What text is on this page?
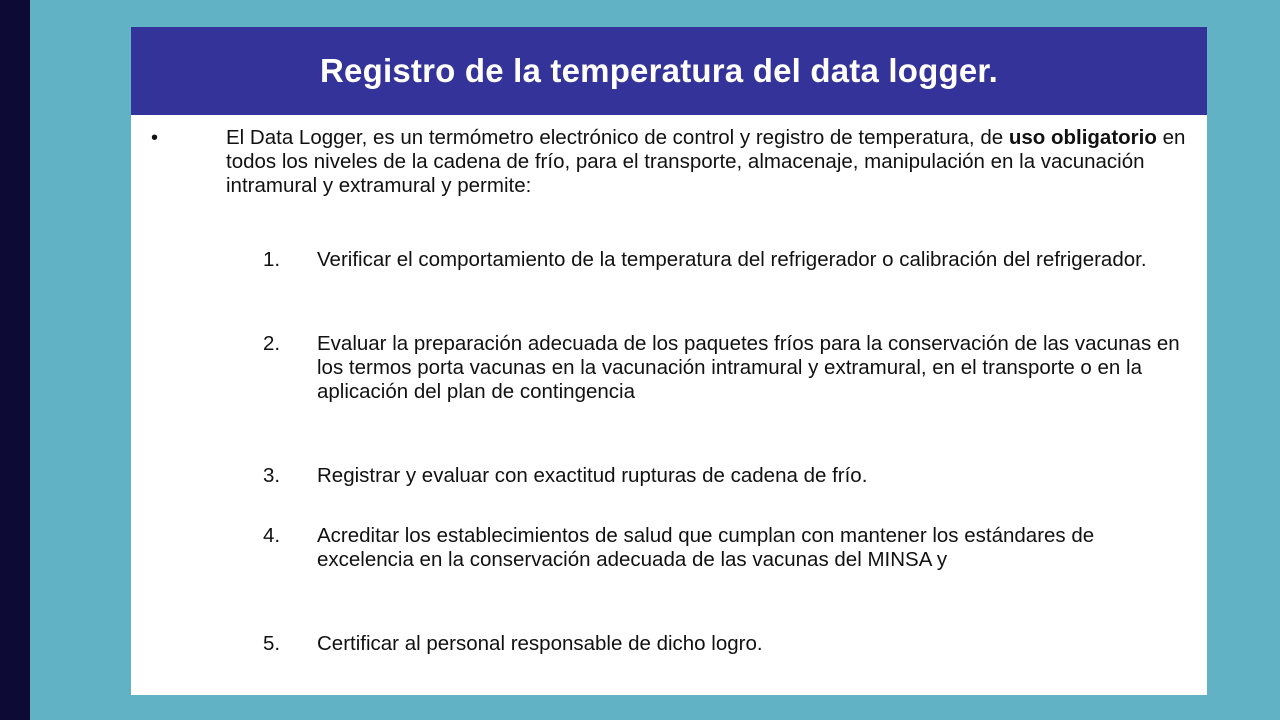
Registro de la temperatura del data logger.
•	El Data Logger, es un termómetro electrónico de control y registro de temperatura, de uso obligatorio en todos los niveles de la cadena de frío, para el transporte, almacenaje, manipulación en la vacunación intramural y extramural y permite:
1. Verificar el comportamiento de la temperatura del refrigerador o calibración del refrigerador.
2. Evaluar la preparación adecuada de los paquetes fríos para la conservación de las vacunas en los termos porta vacunas en la vacunación intramural y extramural, en el transporte o en la aplicación del plan de contingencia
3. Registrar y evaluar con exactitud rupturas de cadena de frío.
4. Acreditar los establecimientos de salud que cumplan con mantener los estándares de excelencia en la conservación adecuada de las vacunas del MINSA y
5. Certificar al personal responsable de dicho logro.
